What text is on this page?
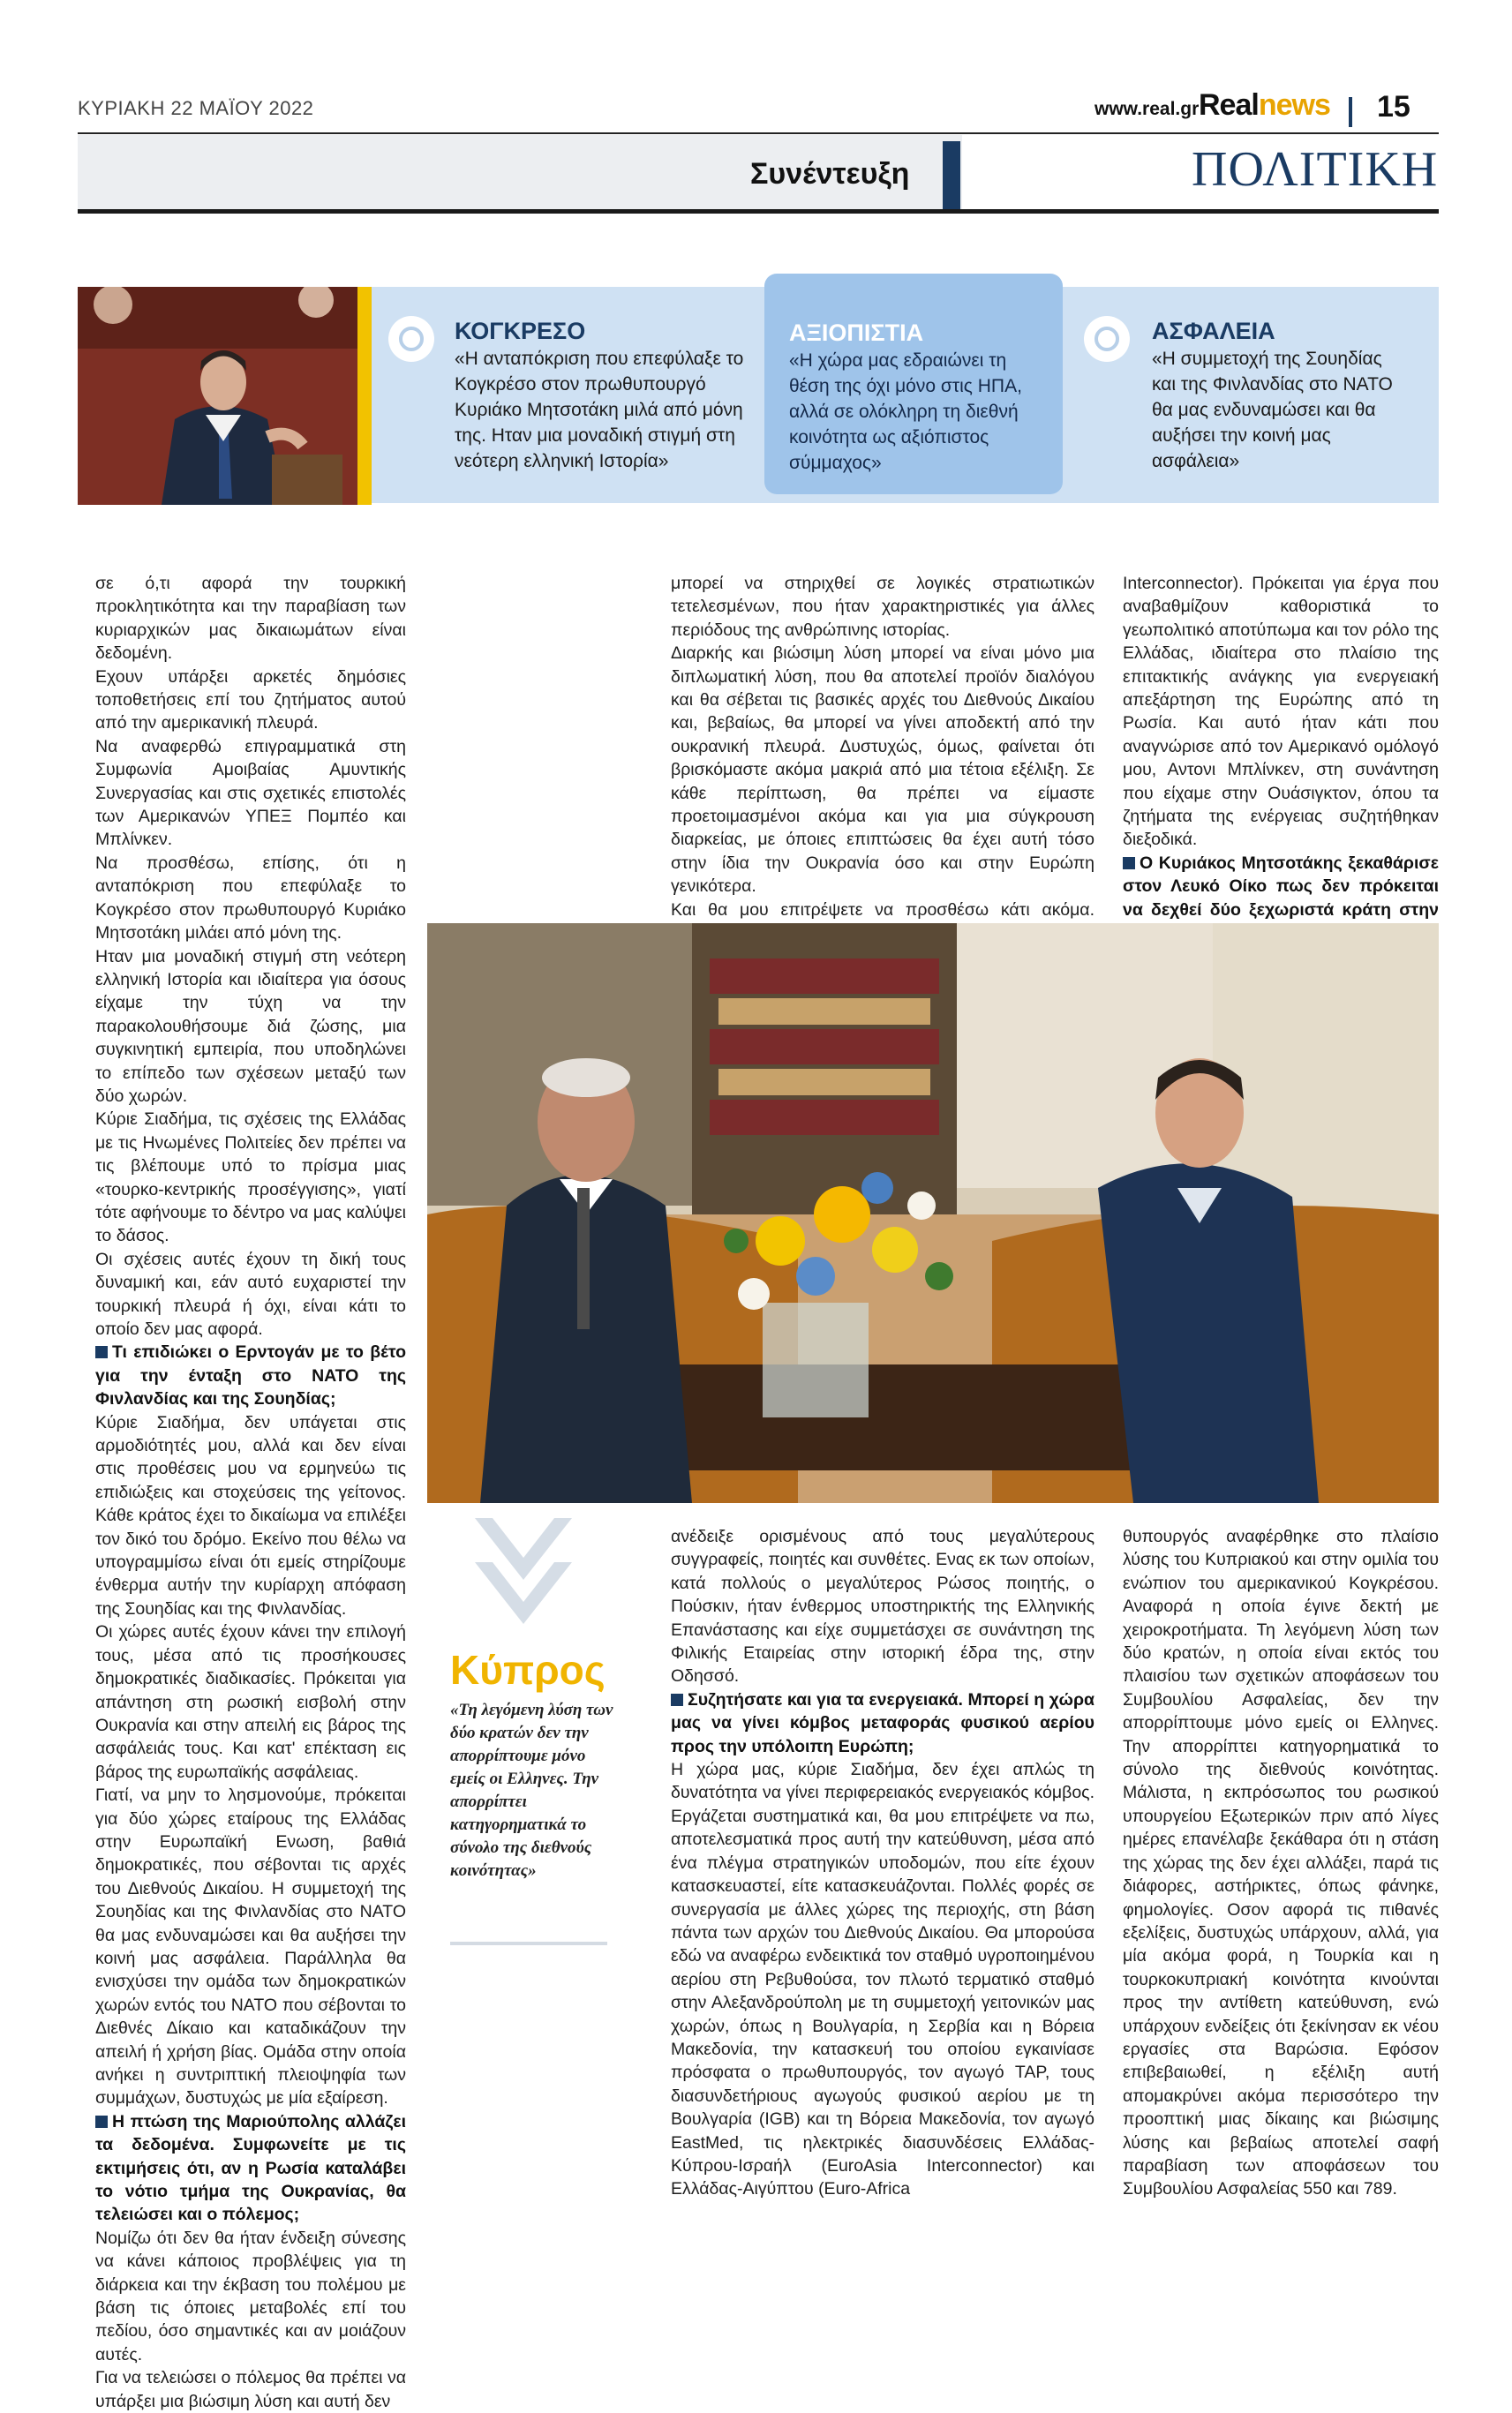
ΚΥΡΙΑΚΗ 22 ΜΑΪΟΥ 2022	www.real.gr Realnews 15
Συνέντευξη	ΠΟΛΙΤΙΚΗ
ΚΟΓΚΡΕΣΟ
«Η ανταπόκριση που επεφύλαξε το Κογκρέσο στον πρωθυπουργό Κυριάκο Μητσοτάκη μιλά από μόνη της. Ηταν μια μοναδική στιγμή στη νεότερη ελληνική Ιστορία»
ΑΞΙΟΠΙΣΤΙΑ
«Η χώρα μας εδραιώνει τη θέση της όχι μόνο στις ΗΠΑ, αλλά σε ολόκληρη τη διεθνή κοινότητα ως αξιόπιστος σύμμαχος»
ΑΣΦΑΛΕΙΑ
«Η συμμετοχή της Σουηδίας και της Φινλανδίας στο ΝΑΤΟ θα μας ενδυναμώσει και θα αυξήσει την κοινή μας ασφάλεια»

σε ό,τι αφορά την τουρκική προκλητικότητα και την παραβίαση των κυριαρχικών μας δικαιωμάτων είναι δεδομένη.

Εχουν υπάρξει αρκετές δημόσιες τοποθετήσεις επί του ζητήματος αυτού από την αμερικανική πλευρά.

Να αναφερθώ επιγραμματικά στη Συμφωνία Αμοιβαίας Αμυντικής Συνεργασίας και στις σχετικές επιστολές των Αμερικανών ΥΠΕΞ Πομπέο και Μπλίνκεν.

Να προσθέσω, επίσης, ότι η ανταπόκριση που επεφύλαξε το Κογκρέσο στον πρωθυπουργό Κυριάκο Μητσοτάκη μιλάει από μόνη της.

Ηταν μια μοναδική στιγμή στη νεότερη ελληνική Ιστορία και ιδιαίτερα για όσους είχαμε την τύχη να την παρακολουθήσουμε διά ζώσης, μια συγκινητική εμπειρία, που υποδηλώνει το επίπεδο των σχέσεων μεταξύ των δύο χωρών.

Κύριε Σιαδήμα, τις σχέσεις της Ελλάδας με τις Ηνωμένες Πολιτείες δεν πρέπει να τις βλέπουμε υπό το πρίσμα μιας «τουρκο-κεντρικής προσέγγισης», γιατί τότε αφήνουμε το δέντρο να μας καλύψει το δάσος.

Οι σχέσεις αυτές έχουν τη δική τους δυναμική και, εάν αυτό ευχαριστεί την τουρκική πλευρά ή όχι, είναι κάτι το οποίο δεν μας αφορά.

Τι επιδιώκει ο Ερντογάν με το βέτο για την ένταξη στο ΝΑΤΟ της Φινλανδίας και της Σουηδίας;

Κύριε Σιαδήμα, δεν υπάγεται στις αρμοδιότητές μου, αλλά και δεν είναι στις προθέσεις μου να ερμηνεύω τις επιδιώξεις και στοχεύσεις της γείτονος. Κάθε κράτος έχει το δικαίωμα να επιλέξει τον δικό του δρόμο. Εκείνο που θέλω να υπογραμμίσω είναι ότι εμείς στηρίζουμε ένθερμα αυτήν την κυρίαρχη απόφαση της Σουηδίας και της Φινλανδίας.

Οι χώρες αυτές έχουν κάνει την επιλογή τους, μέσα από τις προσήκουσες δημοκρατικές διαδικασίες. Πρόκειται για απάντηση στη ρωσική εισβολή στην Ουκρανία και στην απειλή εις βάρος της ασφάλειάς τους. Και κατ' επέκταση εις βάρος της ευρωπαϊκής ασφάλειας.

Γιατί, να μην το λησμονούμε, πρόκειται για δύο χώρες εταίρους της Ελλάδας στην Ευρωπαϊκή Ενωση, βαθιά δημοκρατικές, που σέβονται τις αρχές του Διεθνούς Δικαίου. Η συμμετοχή της Σουηδίας και της Φινλανδίας στο ΝΑΤΟ θα μας ενδυναμώσει και θα αυξήσει την κοινή μας ασφάλεια. Παράλληλα θα ενισχύσει την ομάδα των δημοκρατικών χωρών εντός του ΝΑΤΟ που σέβονται το Διεθνές Δίκαιο και καταδικάζουν την απειλή ή χρήση βίας. Ομάδα στην οποία ανήκει η συντριπτική πλειοψηφία των συμμάχων, δυστυχώς με μία εξαίρεση.

Η πτώση της Μαριούπολης αλλάζει τα δεδομένα. Συμφωνείτε με τις εκτιμήσεις ότι, αν η Ρωσία καταλάβει το νότιο τμήμα της Ουκρανίας, θα τελειώσει και ο πόλεμος;

Νομίζω ότι δεν θα ήταν ένδειξη σύνεσης να κάνει κάποιος προβλέψεις για τη διάρκεια και την έκβαση του πολέμου με βάση τις όποιες μεταβολές επί του πεδίου, όσο σημαντικές και αν μοιάζουν αυτές.

Για να τελειώσει ο πόλεμος θα πρέπει να υπάρξει μια βιώσιμη λύση και αυτή δεν

μπορεί να στηριχθεί σε λογικές στρατιωτικών τετελεσμένων, που ήταν χαρακτηριστικές για άλλες περιόδους της ανθρώπινης ιστορίας.

Διαρκής και βιώσιμη λύση μπορεί να είναι μόνο μια διπλωματική λύση, που θα αποτελεί προϊόν διαλόγου και θα σέβεται τις βασικές αρχές του Διεθνούς Δικαίου και, βεβαίως, θα μπορεί να γίνει αποδεκτή από την ουκρανική πλευρά. Δυστυχώς, όμως, φαίνεται ότι βρισκόμαστε ακόμα μακριά από μια τέτοια εξέλιξη. Σε κάθε περίπτωση, θα πρέπει να είμαστε προετοιμασμένοι ακόμα και για μια σύγκρουση διαρκείας, με όποιες επιπτώσεις θα έχει αυτή τόσο στην ίδια την Ουκρανία όσο και στην Ευρώπη γενικότερα.

Και θα μου επιτρέψετε να προσθέσω κάτι ακόμα.

Interconnector). Πρόκειται για έργα που αναβαθμίζουν καθοριστικά το γεωπολιτικό αποτύπωμα και τον ρόλο της Ελλάδας, ιδιαίτερα στο πλαίσιο της επιτακτικής ανάγκης για ενεργειακή απεξάρτηση της Ευρώπης από τη Ρωσία. Και αυτό ήταν κάτι που αναγνώρισε από τον Αμερικανό ομόλογό μου, Αντονι Μπλίνκεν, στη συνάντηση που είχαμε στην Ουάσιγκτον, όπου τα ζητήματα της ενέργειας συζητήθηκαν διεξοδικά.

Ο Κυριάκος Μητσοτάκης ξεκαθάρισε στον Λευκό Οίκο πως δεν πρόκειται να δεχθεί δύο ξεχωριστά κράτη στην

Κύπρος
«Τη λεγόμενη λύση των δύο κρατών δεν την απορρίπτουμε μόνο εμείς οι Ελληνες. Την απορρίπτει κατηγορηματικά το σύνολο της διεθνούς κοινότητας»

ανέδειξε ορισμένους από τους μεγαλύτερους συγγραφείς, ποιητές και συνθέτες. Ενας εκ των οποίων, κατά πολλούς ο μεγαλύτερος Ρώσος ποιητής, ο Πούσκιν, ήταν ένθερμος υποστηρικτής της Ελληνικής Επανάστασης και είχε συμμετάσχει σε συνάντηση της Φιλικής Εταιρείας στην ιστορική έδρα της, στην Οδησσό.

Συζητήσατε και για τα ενεργειακά. Μπορεί η χώρα μας να γίνει κόμβος μεταφοράς φυσικού αερίου προς την υπόλοιπη Ευρώπη;

Η χώρα μας, κύριε Σιαδήμα, δεν έχει απλώς τη δυνατότητα να γίνει περιφερειακός ενεργειακός κόμβος. Εργάζεται συστηματικά και, θα μου επιτρέψετε να πω, αποτελεσματικά προς αυτή την κατεύθυνση, μέσα από ένα πλέγμα στρατηγικών υποδομών, που είτε έχουν κατασκευαστεί, είτε κατασκευάζονται. Πολλές φορές σε συνεργασία με άλλες χώρες της περιοχής, στη βάση πάντα των αρχών του Διεθνούς Δικαίου. Θα μπορούσα εδώ να αναφέρω ενδεικτικά τον σταθμό υγροποιημένου αερίου στη Ρεβυθούσα, τον πλωτό τερματικό σταθμό στην Αλεξανδρούπολη με τη συμμετοχή γειτονικών μας χωρών, όπως η Βουλγαρία, η Σερβία και η Βόρεια Μακεδονία, την κατασκευή του οποίου εγκαινίασε πρόσφατα ο πρωθυπουργός, τον αγωγό TAP, τους διασυνδετήριους αγωγούς φυσικού αερίου με τη Βουλγαρία (IGB) και τη Βόρεια Μακεδονία, τον αγωγό EastMed, τις ηλεκτρικές διασυνδέσεις Ελλάδας-Κύπρου-Ισραήλ (EuroAsia Interconnector) και Ελλάδας-Αιγύπτου (Euro-Africa

θυπουργός αναφέρθηκε στο πλαίσιο λύσης του Κυπριακού και στην ομιλία του ενώπιον του αμερικανικού Κογκρέσου. Αναφορά η οποία έγινε δεκτή με χειροκροτήματα. Τη λεγόμενη λύση των δύο κρατών, η οποία είναι εκτός του πλαισίου των σχετικών αποφάσεων του Συμβουλίου Ασφαλείας, δεν την απορρίπτουμε μόνο εμείς οι Ελληνες. Την απορρίπτει κατηγορηματικά το σύνολο της διεθνούς κοινότητας. Μάλιστα, η εκπρόσωπος του ρωσικού υπουργείου Εξωτερικών πριν από λίγες ημέρες επανέλαβε ξεκάθαρα ότι η στάση της χώρας της δεν έχει αλλάξει, παρά τις διάφορες, αστήρικτες, όπως φάνηκε, φημολογίες. Οσον αφορά τις πιθανές εξελίξεις, δυστυχώς υπάρχουν, αλλά, για μία ακόμα φορά, η Τουρκία και η τουρκοκυπριακή κοινότητα κινούνται προς την αντίθετη κατεύθυνση, ενώ υπάρχουν ενδείξεις ότι ξεκίνησαν εκ νέου εργασίες στα Βαρώσια. Εφόσον επιβεβαιωθεί, η εξέλιξη αυτή απομακρύνει ακόμα περισσότερο την προοπτική μιας δίκαιης και βιώσιμης λύσης και βεβαίως αποτελεί σαφή παραβίαση των αποφάσεων του Συμβουλίου Ασφαλείας 550 και 789.
